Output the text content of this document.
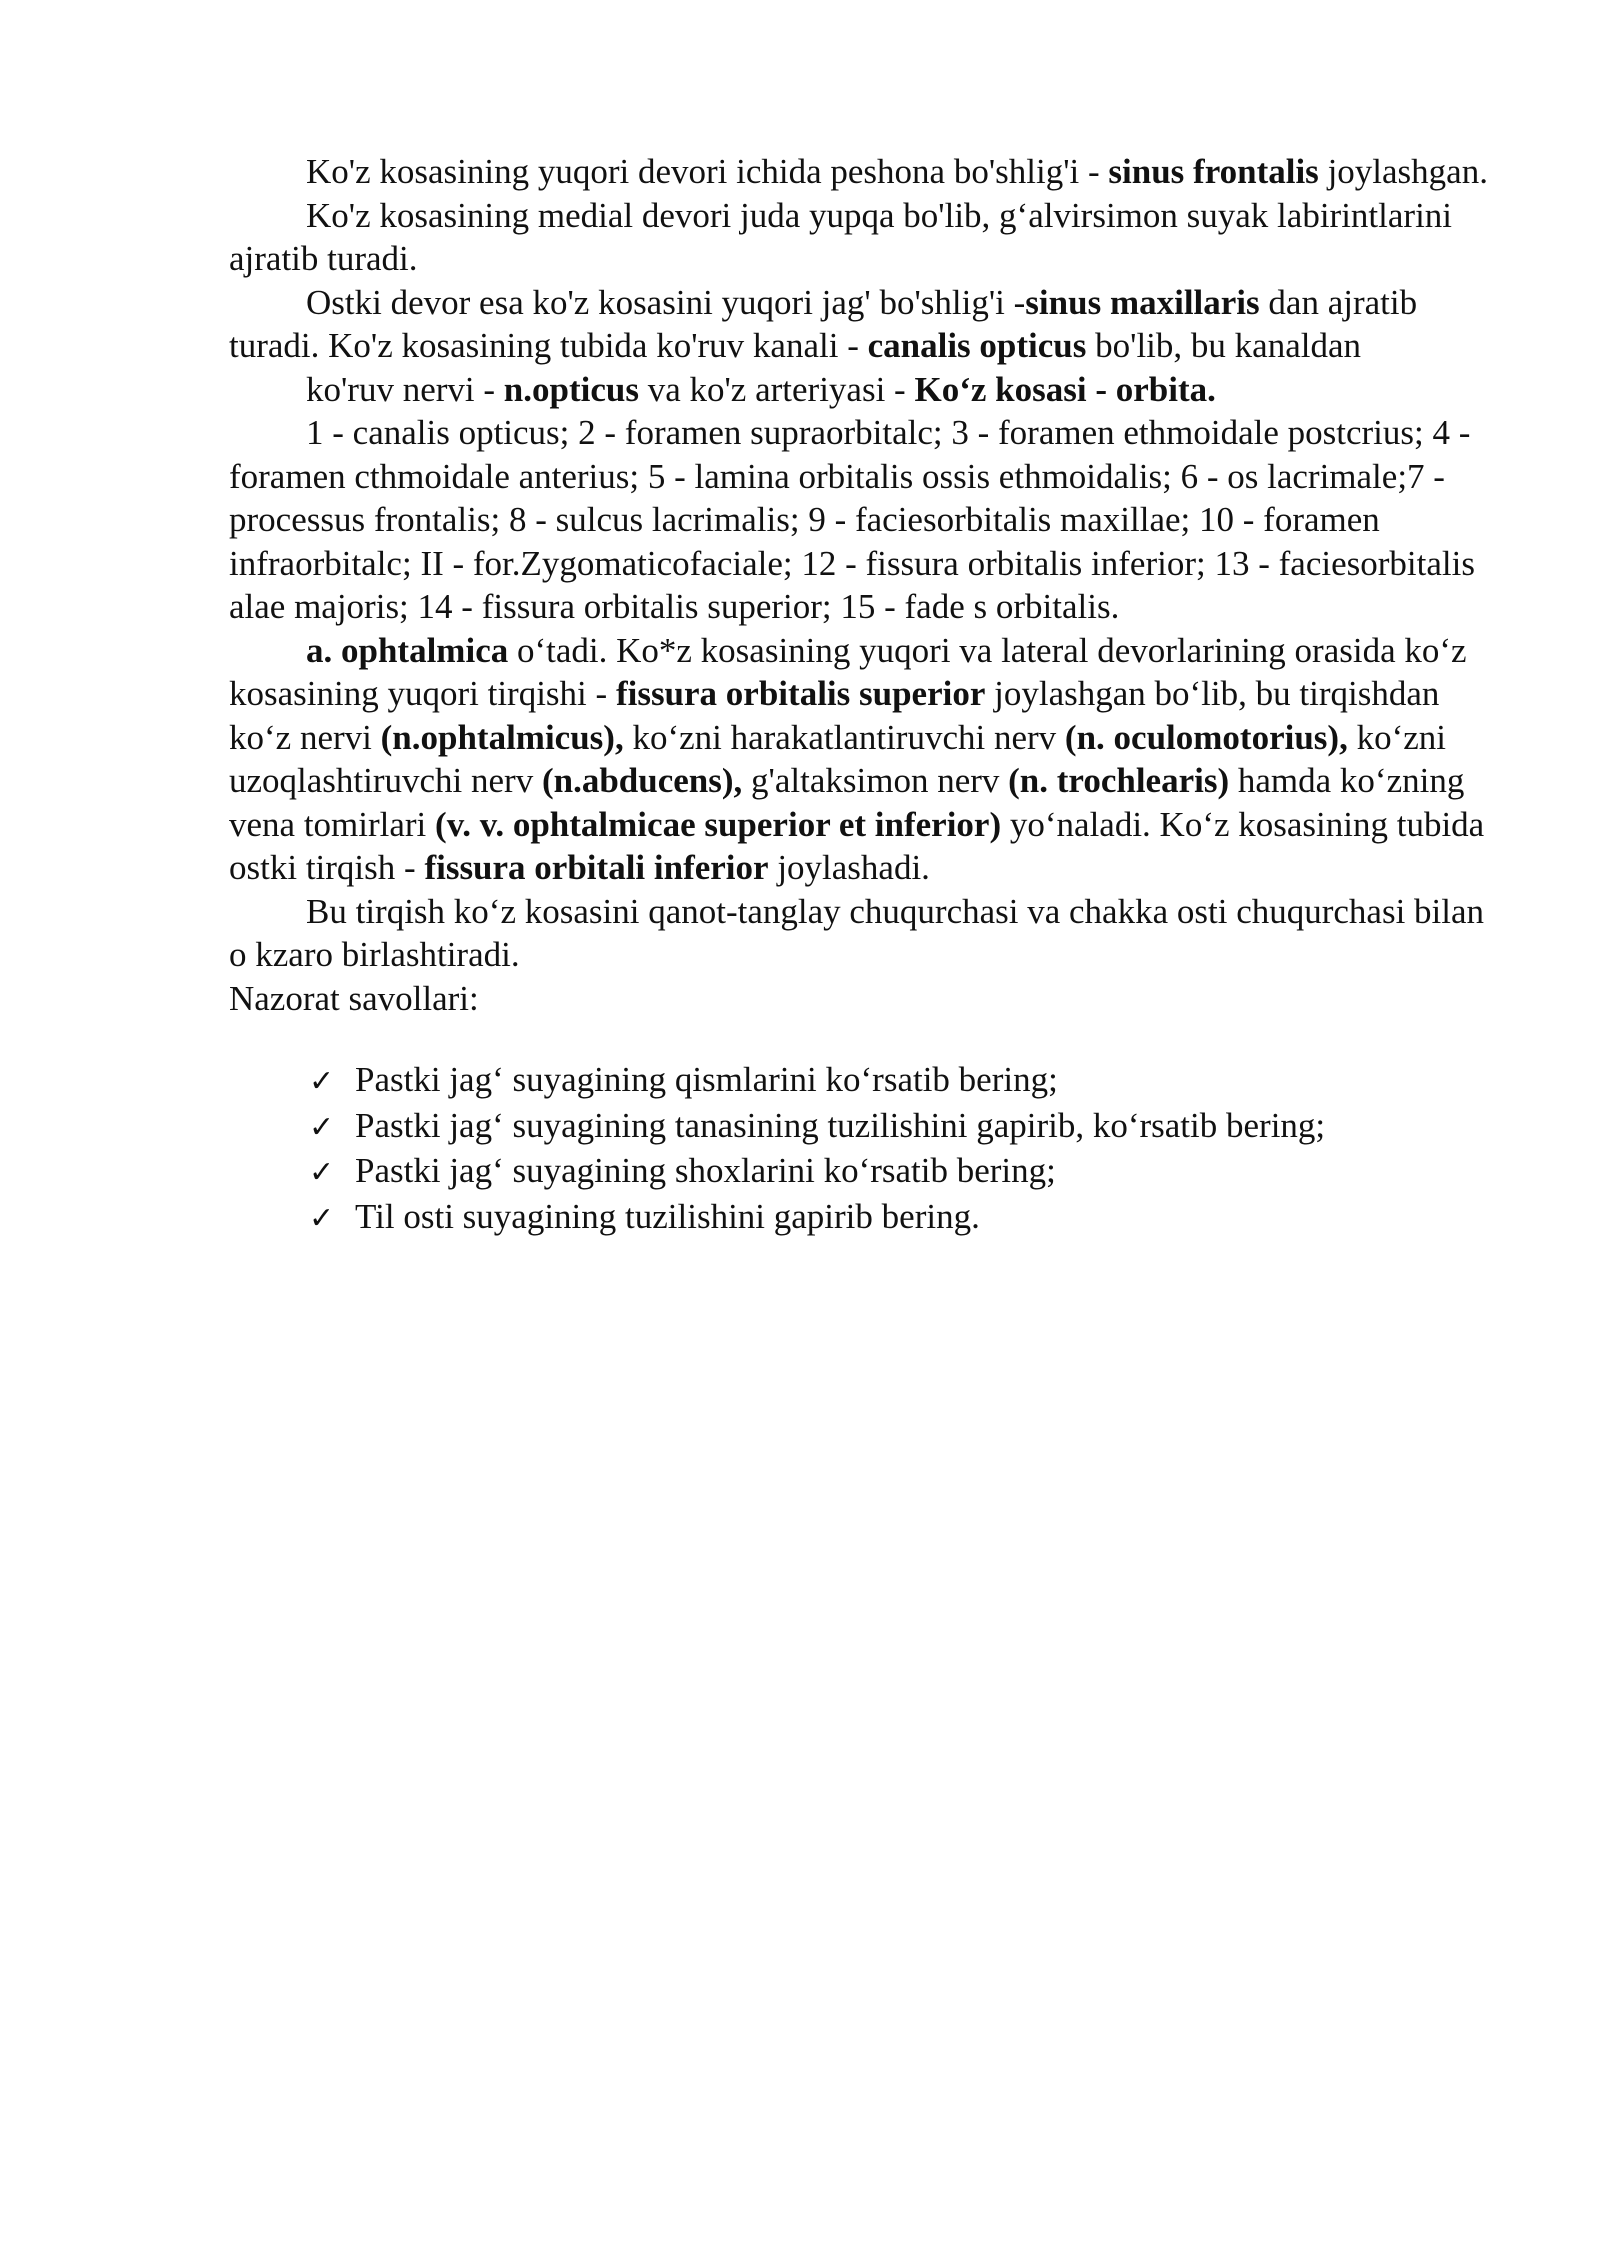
Ko'z kosasining yuqori devori ichida peshona bo'shlig'i - sinus frontalis joylashgan.

Ko'z kosasining medial devori juda yupqa bo'lib, g‘alvirsimon suyak labirintlarini ajratib turadi.

Ostki devor esa ko'z kosasini yuqori jag' bo'shlig'i -sinus maxillaris dan ajratib turadi. Ko'z kosasining tubida ko'ruv kanali - canalis opticus bo'lib, bu kanaldan

ko'ruv nervi - n.opticus va ko'z arteriyasi - Ko‘z kosasi - orbita.

1 - canalis opticus; 2 - foramen supraorbitalc; 3 - foramen ethmoidale postcrius; 4 - foramen cthmoidale anterius; 5 - lamina orbitalis ossis ethmoidalis; 6 - os lacrimale;7 - processus frontalis; 8 - sulcus lacrimalis; 9 - faciesorbitalis maxillae; 10 - foramen infraorbitalc; II - for.Zygomaticofaciale; 12 - fissura orbitalis inferior; 13 - faciesorbitalis alae majoris; 14 - fissura orbitalis superior; 15 - fade s orbitalis.

a. ophtalmica o‘tadi. Ko*z kosasining yuqori va lateral devorlarining orasida ko‘z kosasining yuqori tirqishi - fissura orbitalis superior joylashgan bo‘lib, bu tirqishdan ko‘z nervi (n.ophtalmicus), ko‘zni harakatlantiruvchi nerv (n. oculomotorius), ko‘zni uzoqlashtiruvchi nerv (n.abducens), g'altaksimon nerv (n. trochlearis) hamda ko‘zning vena tomirlari (v. v. ophtalmicae superior et inferior) yo‘naladi. Ko‘z kosasining tubida ostki tirqish - fissura orbitali inferior joylashadi.

Bu tirqish ko‘z kosasini qanot-tanglay chuqurchasi va chakka osti chuqurchasi bilan o kzaro birlashtiradi.

Nazorat savollari:

✓ Pastki jag‘ suyagining qismlarini ko‘rsatib bering;
✓ Pastki jag‘ suyagining tanasining tuzilishini gapirib, ko‘rsatib bering;
✓ Pastki jag‘ suyagining shoxlarini ko‘rsatib bering;
✓ Til osti suyagining tuzilishini gapirib bering.
